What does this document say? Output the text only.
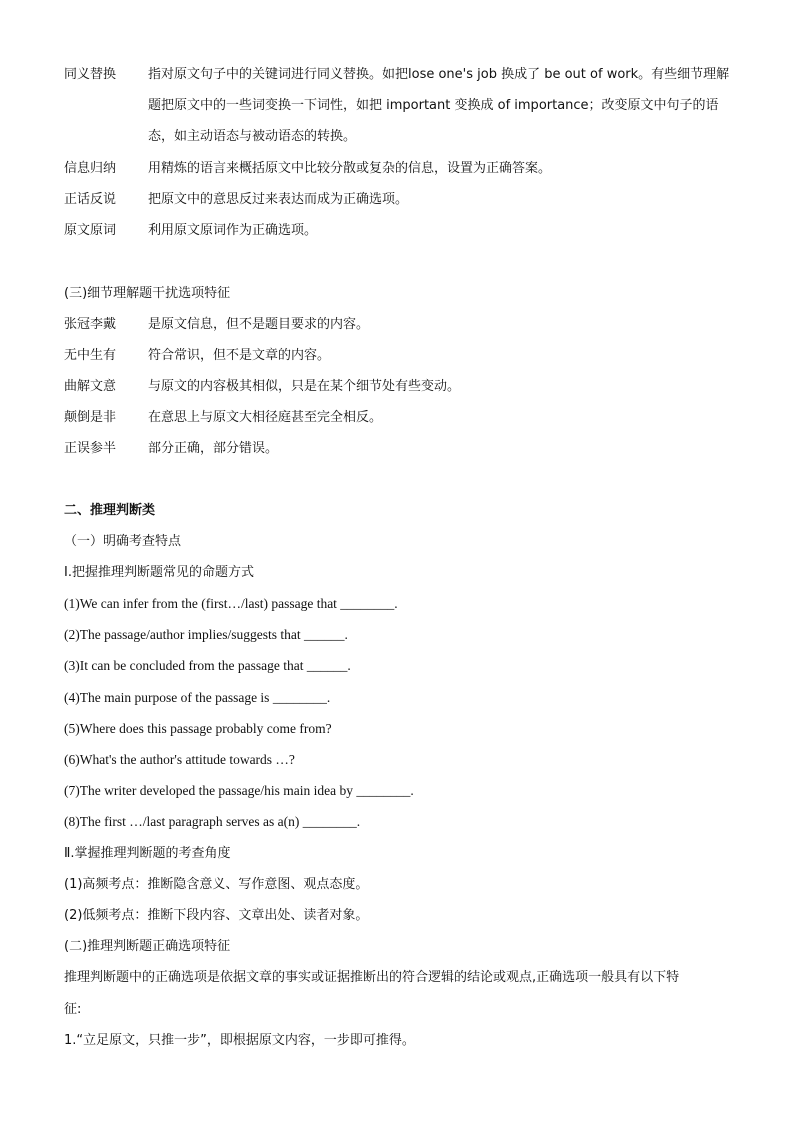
同义替换 指对原文句子中的关键词进行同义替换。如把lose one's job 换成了 be out of work。有些细节理解
题把原文中的一些词变换一下词性，如把 important 变换成 of importance；改变原文中句子的语
态，如主动语态与被动语态的转换。
信息归纳 用精炼的语言来概括原文中比较分散或复杂的信息，设置为正确答案。
正话反说 把原文中的意思反过来表达而成为正确选项。
原文原词 利用原文原词作为正确选项。
(三)细节理解题干扰选项特征
张冠李戴 是原文信息，但不是题目要求的内容。
无中生有 符合常识，但不是文章的内容。
曲解文意 与原文的内容极其相似，只是在某个细节处有些变动。
颠倒是非 在意思上与原文大相径庭甚至完全相反。
正误参半 部分正确，部分错误。
二、推理判断类
（一）明确考查特点
Ⅰ.把握推理判断题常见的命题方式
(1)We can infer from the (first…/last) passage that ________.
(2)The passage/author implies/suggests that ______.
(3)It can be concluded from the passage that ______.
(4)The main purpose of the passage is ________.
(5)Where does this passage probably come from?
(6)What's the author's attitude towards …?
(7)The writer developed the passage/his main idea by ________.
(8)The first …/last paragraph serves as a(n) ________.
Ⅱ.掌握推理判断题的考查角度
(1)高频考点：推断隐含意义、写作意图、观点态度。
(2)低频考点：推断下段内容、文章出处、读者对象。
(二)推理判断题正确选项特征
推理判断题中的正确选项是依据文章的事实或证据推断出的符合逻辑的结论或观点,正确选项一般具有以下特
征:
1.“立足原文，只推一步”，即根据原文内容，一步即可推得。
